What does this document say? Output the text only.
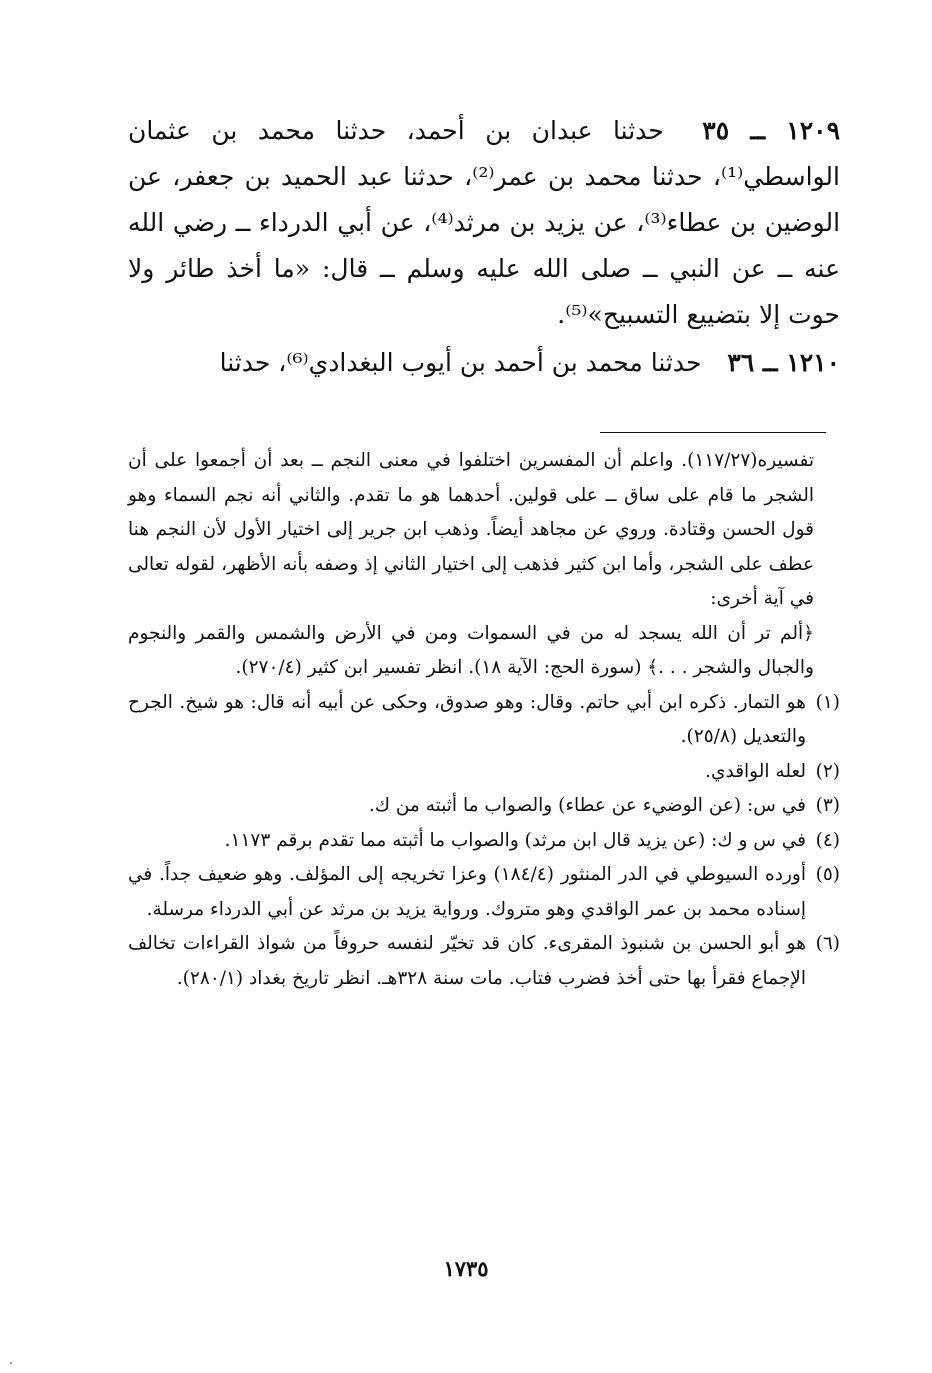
١٢٠٩ ــ ٣٥ حدثنا عبدان بن أحمد، حدثنا محمد بن عثمان الواسطي⁽¹⁾، حدثنا محمد بن عمر⁽²⁾، حدثنا عبد الحميد بن جعفر، عن الوضين بن عطاء⁽³⁾، عن يزيد بن مرثد⁽⁴⁾، عن أبي الدرداء ــ رضي الله عنه ــ عن النبي ــ صلى الله عليه وسلم ــ قال: «ما أخذ طائر ولا حوت إلا بتضييع التسبيح»⁽⁵⁾.

١٢١٠ ــ ٣٦ حدثنا محمد بن أحمد بن أيوب البغدادي⁽⁶⁾، حدثنا

تفسيره(١١٧/٢٧). واعلم أن المفسرين اختلفوا في معنى النجم ــ بعد أن أجمعوا على أن الشجر ما قام على ساق ــ على قولين. أحدهما هو ما تقدم. والثاني أنه نجم السماء وهو قول الحسن وقتادة. وروي عن مجاهد أيضاً. وذهب ابن جرير إلى اختيار الأول لأن النجم هنا عطف على الشجر، وأما ابن كثير فذهب إلى اختيار الثاني إذ وصفه بأنه الأظهر، لقوله تعالى في آية أخرى:

﴿ألم تر أن الله يسجد له من في السموات ومن في الأرض والشمس والقمر والنجوم والجبال والشجر . . .﴾ (سورة الحج: الآية ١٨). انظر تفسير ابن كثير (٢٧٠/٤).

(١)
هو التمار. ذكره ابن أبي حاتم. وقال: وهو صدوق، وحكى عن أبيه أنه قال: هو شيخ. الجرح والتعديل (٢٥/٨).
(٢)
لعله الواقدي.
(٣)
في س: (عن الوضيء عن عطاء) والصواب ما أثبته من ك.
(٤)
في س و ك: (عن يزيد قال ابن مرثد) والصواب ما أثبته مما تقدم برقم ١١٧٣.
(٥)
أورده السيوطي في الدر المنثور (١٨٤/٤) وعزا تخريجه إلى المؤلف. وهو ضعيف جداً. في إسناده محمد بن عمر الواقدي وهو متروك. ورواية يزيد بن مرثد عن أبي الدرداء مرسلة.
(٦)
هو أبو الحسن بن شنبوذ المقرىء. كان قد تخيّر لنفسه حروفاً من شواذ القراءات تخالف الإجماع فقرأ بها حتى أخذ فضرب فتاب. مات سنة ٣٢٨هـ. انظر تاريخ بغداد (٢٨٠/١).
١٧٣٥
